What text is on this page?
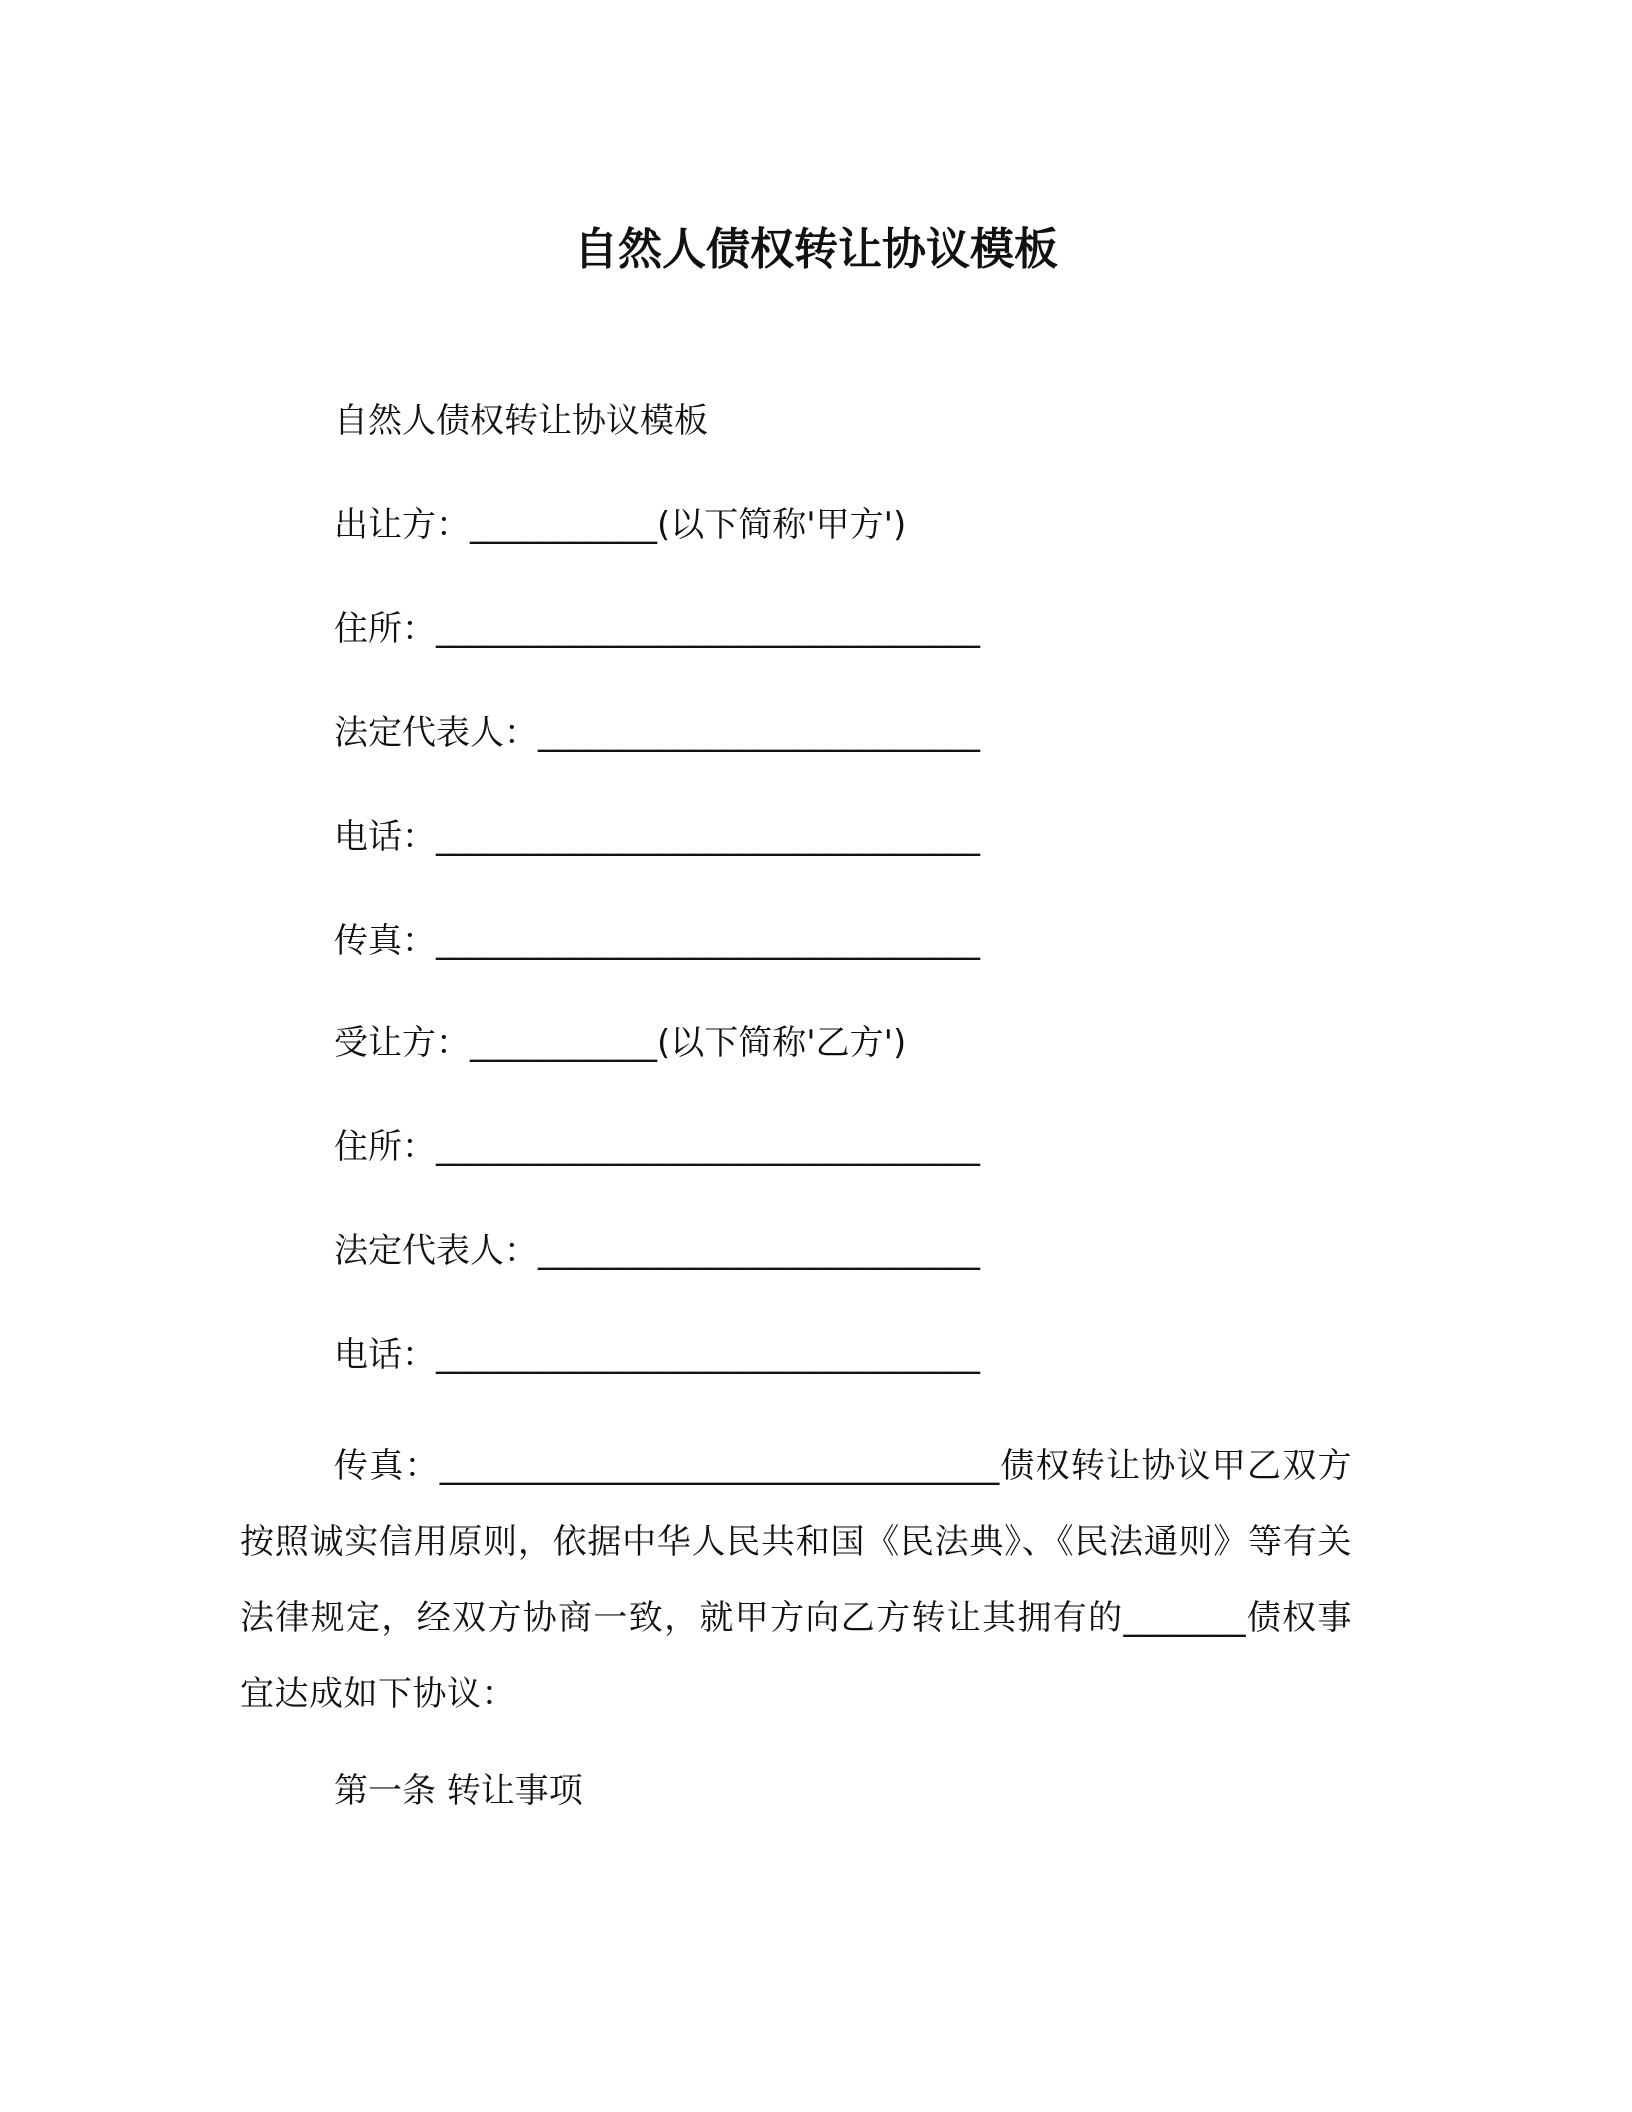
自然人债权转让协议模板
自然人债权转让协议模板
出让方：___________(以下简称'甲方')
住所：________________________________
法定代表人：__________________________
电话：________________________________
传真：________________________________
受让方：___________(以下简称'乙方')
住所：________________________________
法定代表人：__________________________
电话：________________________________
传真：________________________________债权转让协议甲乙双方按照诚实信用原则，依据中华人民共和国《民法典》、《民法通则》等有关法律规定，经双方协商一致，就甲方向乙方转让其拥有的_______债权事宜达成如下协议：
第一条 转让事项
